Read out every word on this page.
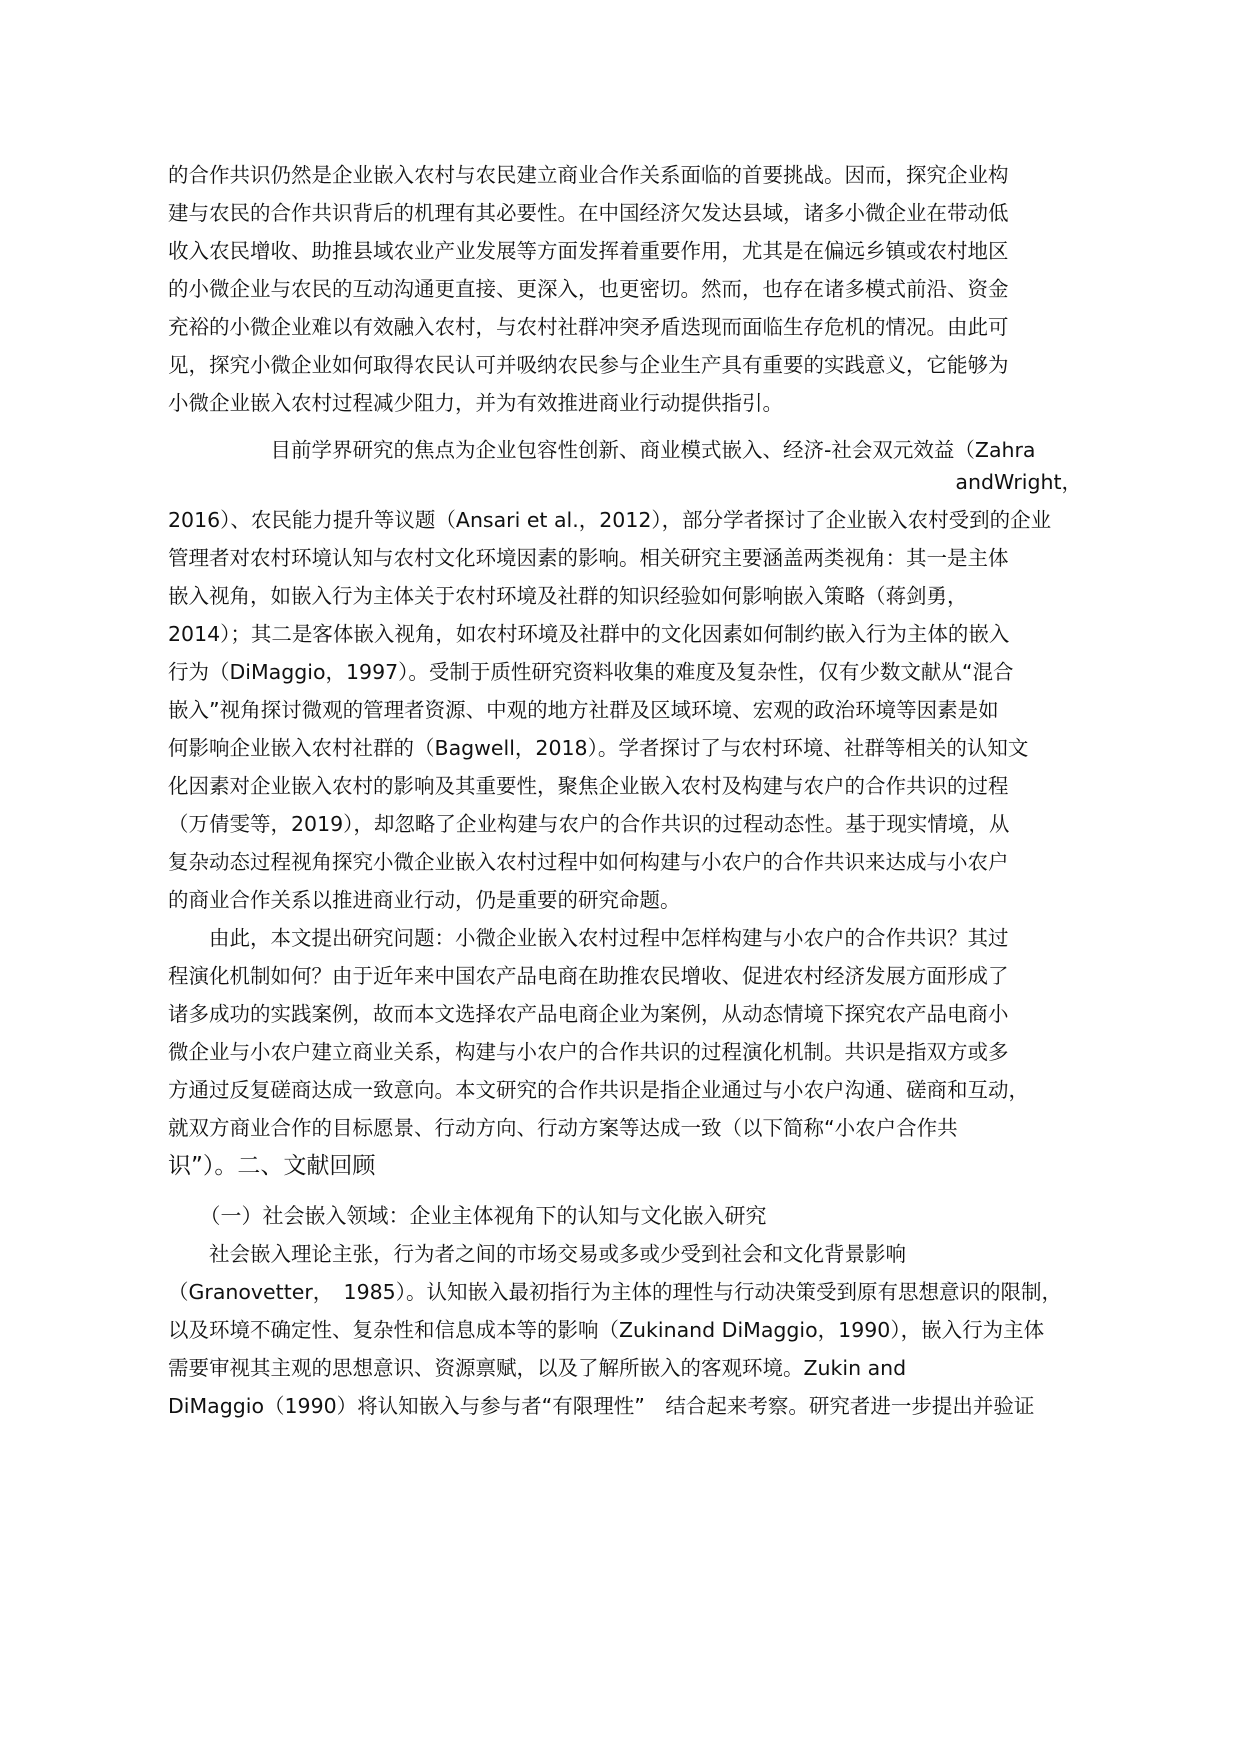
的合作共识仍然是企业嵌入农村与农民建立商业合作关系面临的首要挑战。因而，探究企业构
建与农民的合作共识背后的机理有其必要性。在中国经济欠发达县域，诸多小微企业在带动低
收入农民增收、助推县域农业产业发展等方面发挥着重要作用，尤其是在偏远乡镇或农村地区
的小微企业与农民的互动沟通更直接、更深入，也更密切。然而，也存在诸多模式前沿、资金
充裕的小微企业难以有效融入农村，与农村社群冲突矛盾迭现而面临生存危机的情况。由此可
见，探究小微企业如何取得农民认可并吸纳农民参与企业生产具有重要的实践意义，它能够为
小微企业嵌入农村过程减少阻力，并为有效推进商业行动提供指引。
　　　　　目前学界研究的焦点为企业包容性创新、商业模式嵌入、经济-社会双元效益（Zahra
andWright，
2016）、农民能力提升等议题（Ansari et al.，2012），部分学者探讨了企业嵌入农村受到的企业
管理者对农村环境认知与农村文化环境因素的影响。相关研究主要涵盖两类视角：其一是主体
嵌入视角，如嵌入行为主体关于农村环境及社群的知识经验如何影响嵌入策略（蒋剑勇，
2014）；其二是客体嵌入视角，如农村环境及社群中的文化因素如何制约嵌入行为主体的嵌入
行为（DiMaggio，1997）。受制于质性研究资料收集的难度及复杂性，仅有少数文献从“混合
嵌入”视角探讨微观的管理者资源、中观的地方社群及区域环境、宏观的政治环境等因素是如
何影响企业嵌入农村社群的（Bagwell，2018）。学者探讨了与农村环境、社群等相关的认知文
化因素对企业嵌入农村的影响及其重要性，聚焦企业嵌入农村及构建与农户的合作共识的过程
（万倩雯等，2019），却忽略了企业构建与农户的合作共识的过程动态性。基于现实情境，从
复杂动态过程视角探究小微企业嵌入农村过程中如何构建与小农户的合作共识来达成与小农户
的商业合作关系以推进商业行动，仍是重要的研究命题。
　　由此，本文提出研究问题：小微企业嵌入农村过程中怎样构建与小农户的合作共识？其过
程演化机制如何？由于近年来中国农产品电商在助推农民增收、促进农村经济发展方面形成了
诸多成功的实践案例，故而本文选择农产品电商企业为案例，从动态情境下探究农产品电商小
微企业与小农户建立商业关系，构建与小农户的合作共识的过程演化机制。共识是指双方或多
方通过反复磋商达成一致意向。本文研究的合作共识是指企业通过与小农户沟通、磋商和互动，
就双方商业合作的目标愿景、行动方向、行动方案等达成一致（以下简称“小农户合作共
识”）。二、文献回顾
　　（一）社会嵌入领域：企业主体视角下的认知与文化嵌入研究
　　社会嵌入理论主张，行为者之间的市场交易或多或少受到社会和文化背景影响
（Granovetter，　1985）。认知嵌入最初指行为主体的理性与行动决策受到原有思想意识的限制，
以及环境不确定性、复杂性和信息成本等的影响（Zukinand DiMaggio，1990），嵌入行为主体
需要审视其主观的思想意识、资源禀赋，以及了解所嵌入的客观环境。Zukin and
DiMaggio（1990）将认知嵌入与参与者“有限理性”　结合起来考察。研究者进一步提出并验证
